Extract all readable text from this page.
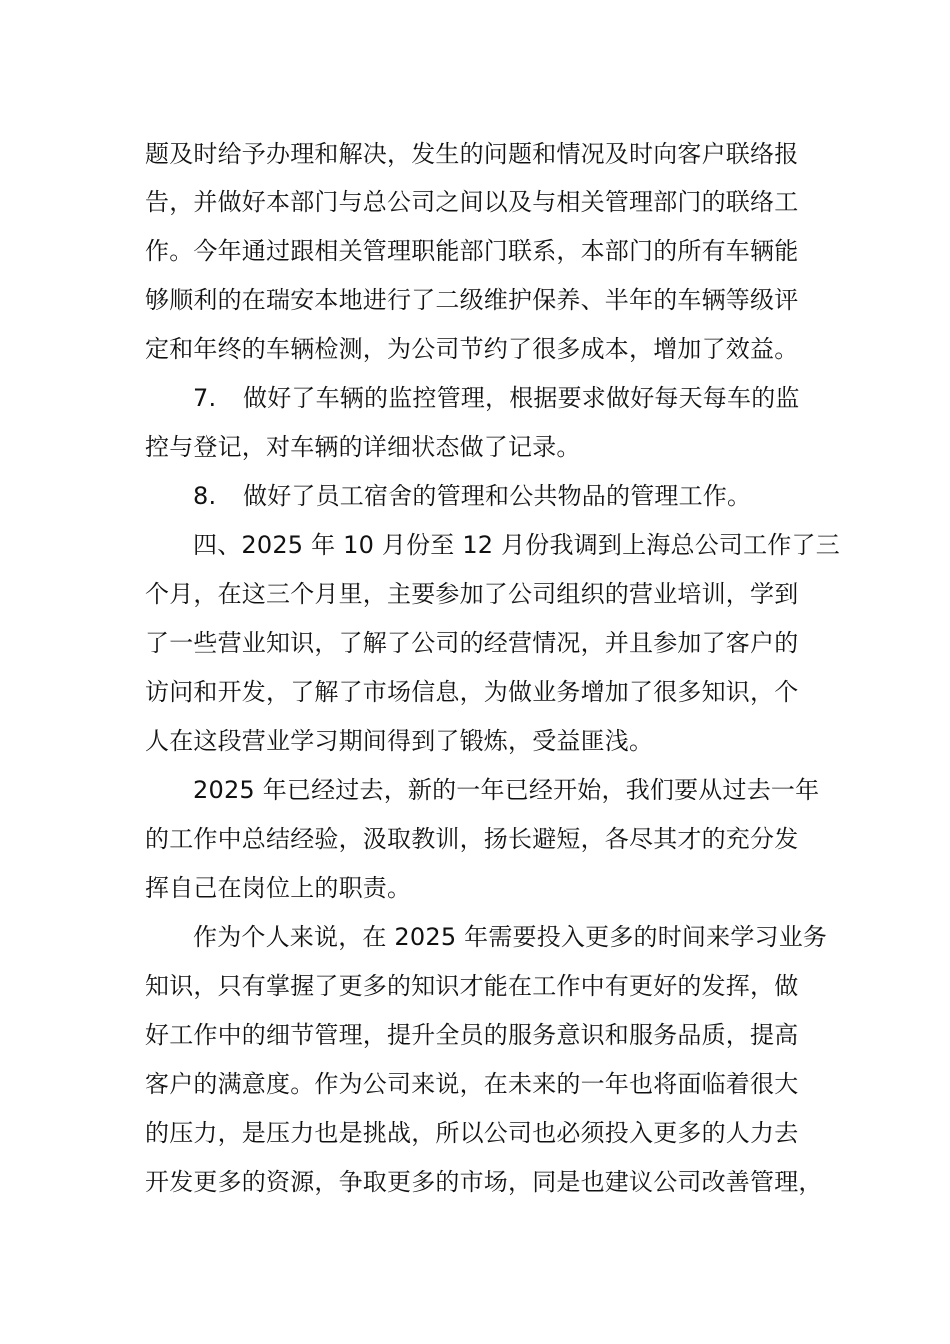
题及时给予办理和解决，发生的问题和情况及时向客户联络报
告，并做好本部门与总公司之间以及与相关管理部门的联络工
作。今年通过跟相关管理职能部门联系，本部门的所有车辆能
够顺利的在瑞安本地进行了二级维护保养、半年的车辆等级评
定和年终的车辆检测，为公司节约了很多成本，增加了效益。
7. 做好了车辆的监控管理，根据要求做好每天每车的监
控与登记，对车辆的详细状态做了记录。
8. 做好了员工宿舍的管理和公共物品的管理工作。
四、2025 年 10 月份至 12 月份我调到上海总公司工作了三
个月，在这三个月里，主要参加了公司组织的营业培训，学到
了一些营业知识，了解了公司的经营情况，并且参加了客户的
访问和开发，了解了市场信息，为做业务增加了很多知识，个
人在这段营业学习期间得到了锻炼，受益匪浅。
2025 年已经过去，新的一年已经开始，我们要从过去一年
的工作中总结经验，汲取教训，扬长避短，各尽其才的充分发
挥自己在岗位上的职责。
作为个人来说，在 2025 年需要投入更多的时间来学习业务
知识，只有掌握了更多的知识才能在工作中有更好的发挥，做
好工作中的细节管理，提升全员的服务意识和服务品质，提高
客户的满意度。作为公司来说，在未来的一年也将面临着很大
的压力，是压力也是挑战，所以公司也必须投入更多的人力去
开发更多的资源，争取更多的市场，同是也建议公司改善管理，
